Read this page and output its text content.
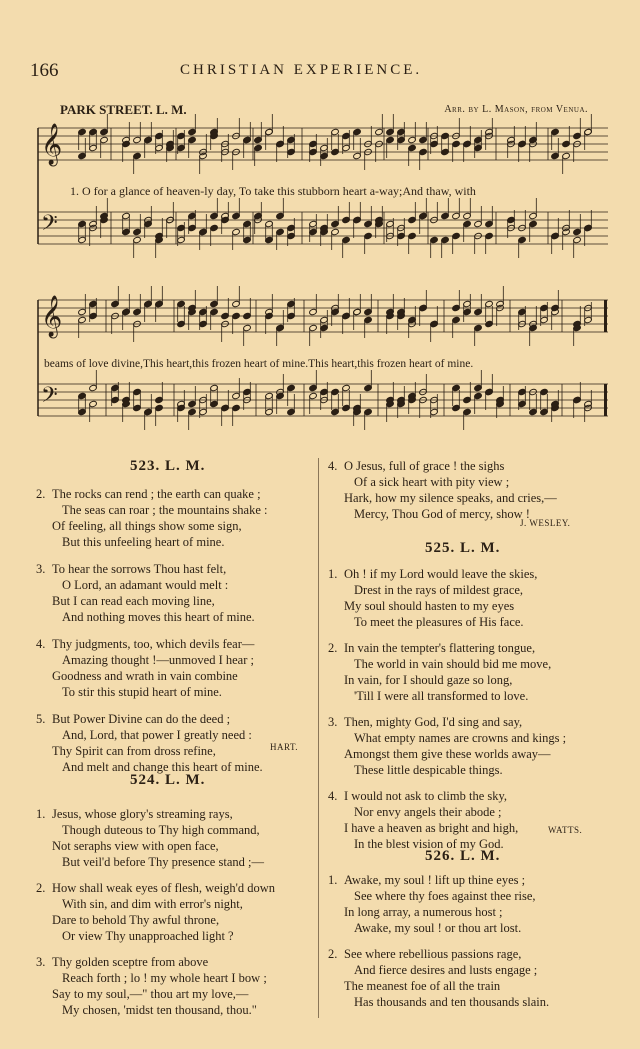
166	CHRISTIAN EXPERIENCE.
PARK STREET. L. M.	Arr. by L. Mason, from Venua.
𝄞
𝄢
𝄞
𝄢
1. O for a glance of heaven-ly day, To take this stubborn heart a-way;And thaw, with
beams of love divine,This heart,this frozen heart of mine.This heart,this frozen heart of mine.
523. L. M.
2. The rocks can rend ; the earth can quake ;
The seas can roar ; the mountains shake :
Of feeling, all things show some sign,
But this unfeeling heart of mine.
3. To hear the sorrows Thou hast felt,
O Lord, an adamant would melt :
But I can read each moving line,
And nothing moves this heart of mine.
4. Thy judgments, too, which devils fear—
Amazing thought !—unmoved I hear ;
Goodness and wrath in vain combine
To stir this stupid heart of mine.
5. But Power Divine can do the deed ;
And, Lord, that power I greatly need :
Thy Spirit can from dross refine,
And melt and change this heart of mine.
HART.
524. L. M.
1. Jesus, whose glory's streaming rays,
Though duteous to Thy high command,
Not seraphs view with open face,
But veil'd before Thy presence stand ;—
2. How shall weak eyes of flesh, weigh'd down
With sin, and dim with error's night,
Dare to behold Thy awful throne,
Or view Thy unapproached light ?
3. Thy golden sceptre from above
Reach forth ; lo ! my whole heart I bow ;
Say to my soul,—" thou art my love,—
My chosen, 'midst ten thousand, thou."
4. O Jesus, full of grace ! the sighs
Of a sick heart with pity view ;
Hark, how my silence speaks, and cries,—
Mercy, Thou God of mercy, show !
J. WESLEY.
525. L. M.
1. Oh ! if my Lord would leave the skies,
Drest in the rays of mildest grace,
My soul should hasten to my eyes
To meet the pleasures of His face.
2. In vain the tempter's flattering tongue,
The world in vain should bid me move,
In vain, for I should gaze so long,
'Till I were all transformed to love.
3. Then, mighty God, I'd sing and say,
What empty names are crowns and kings ;
Amongst them give these worlds away—
These little despicable things.
4. I would not ask to climb the sky,
Nor envy angels their abode ;
I have a heaven as bright and high,
In the blest vision of my God.
WATTS.
526. L. M.
1. Awake, my soul ! lift up thine eyes ;
See where thy foes against thee rise,
In long array, a numerous host ;
Awake, my soul ! or thou art lost.
2. See where rebellious passions rage,
And fierce desires and lusts engage ;
The meanest foe of all the train
Has thousands and ten thousands slain.
